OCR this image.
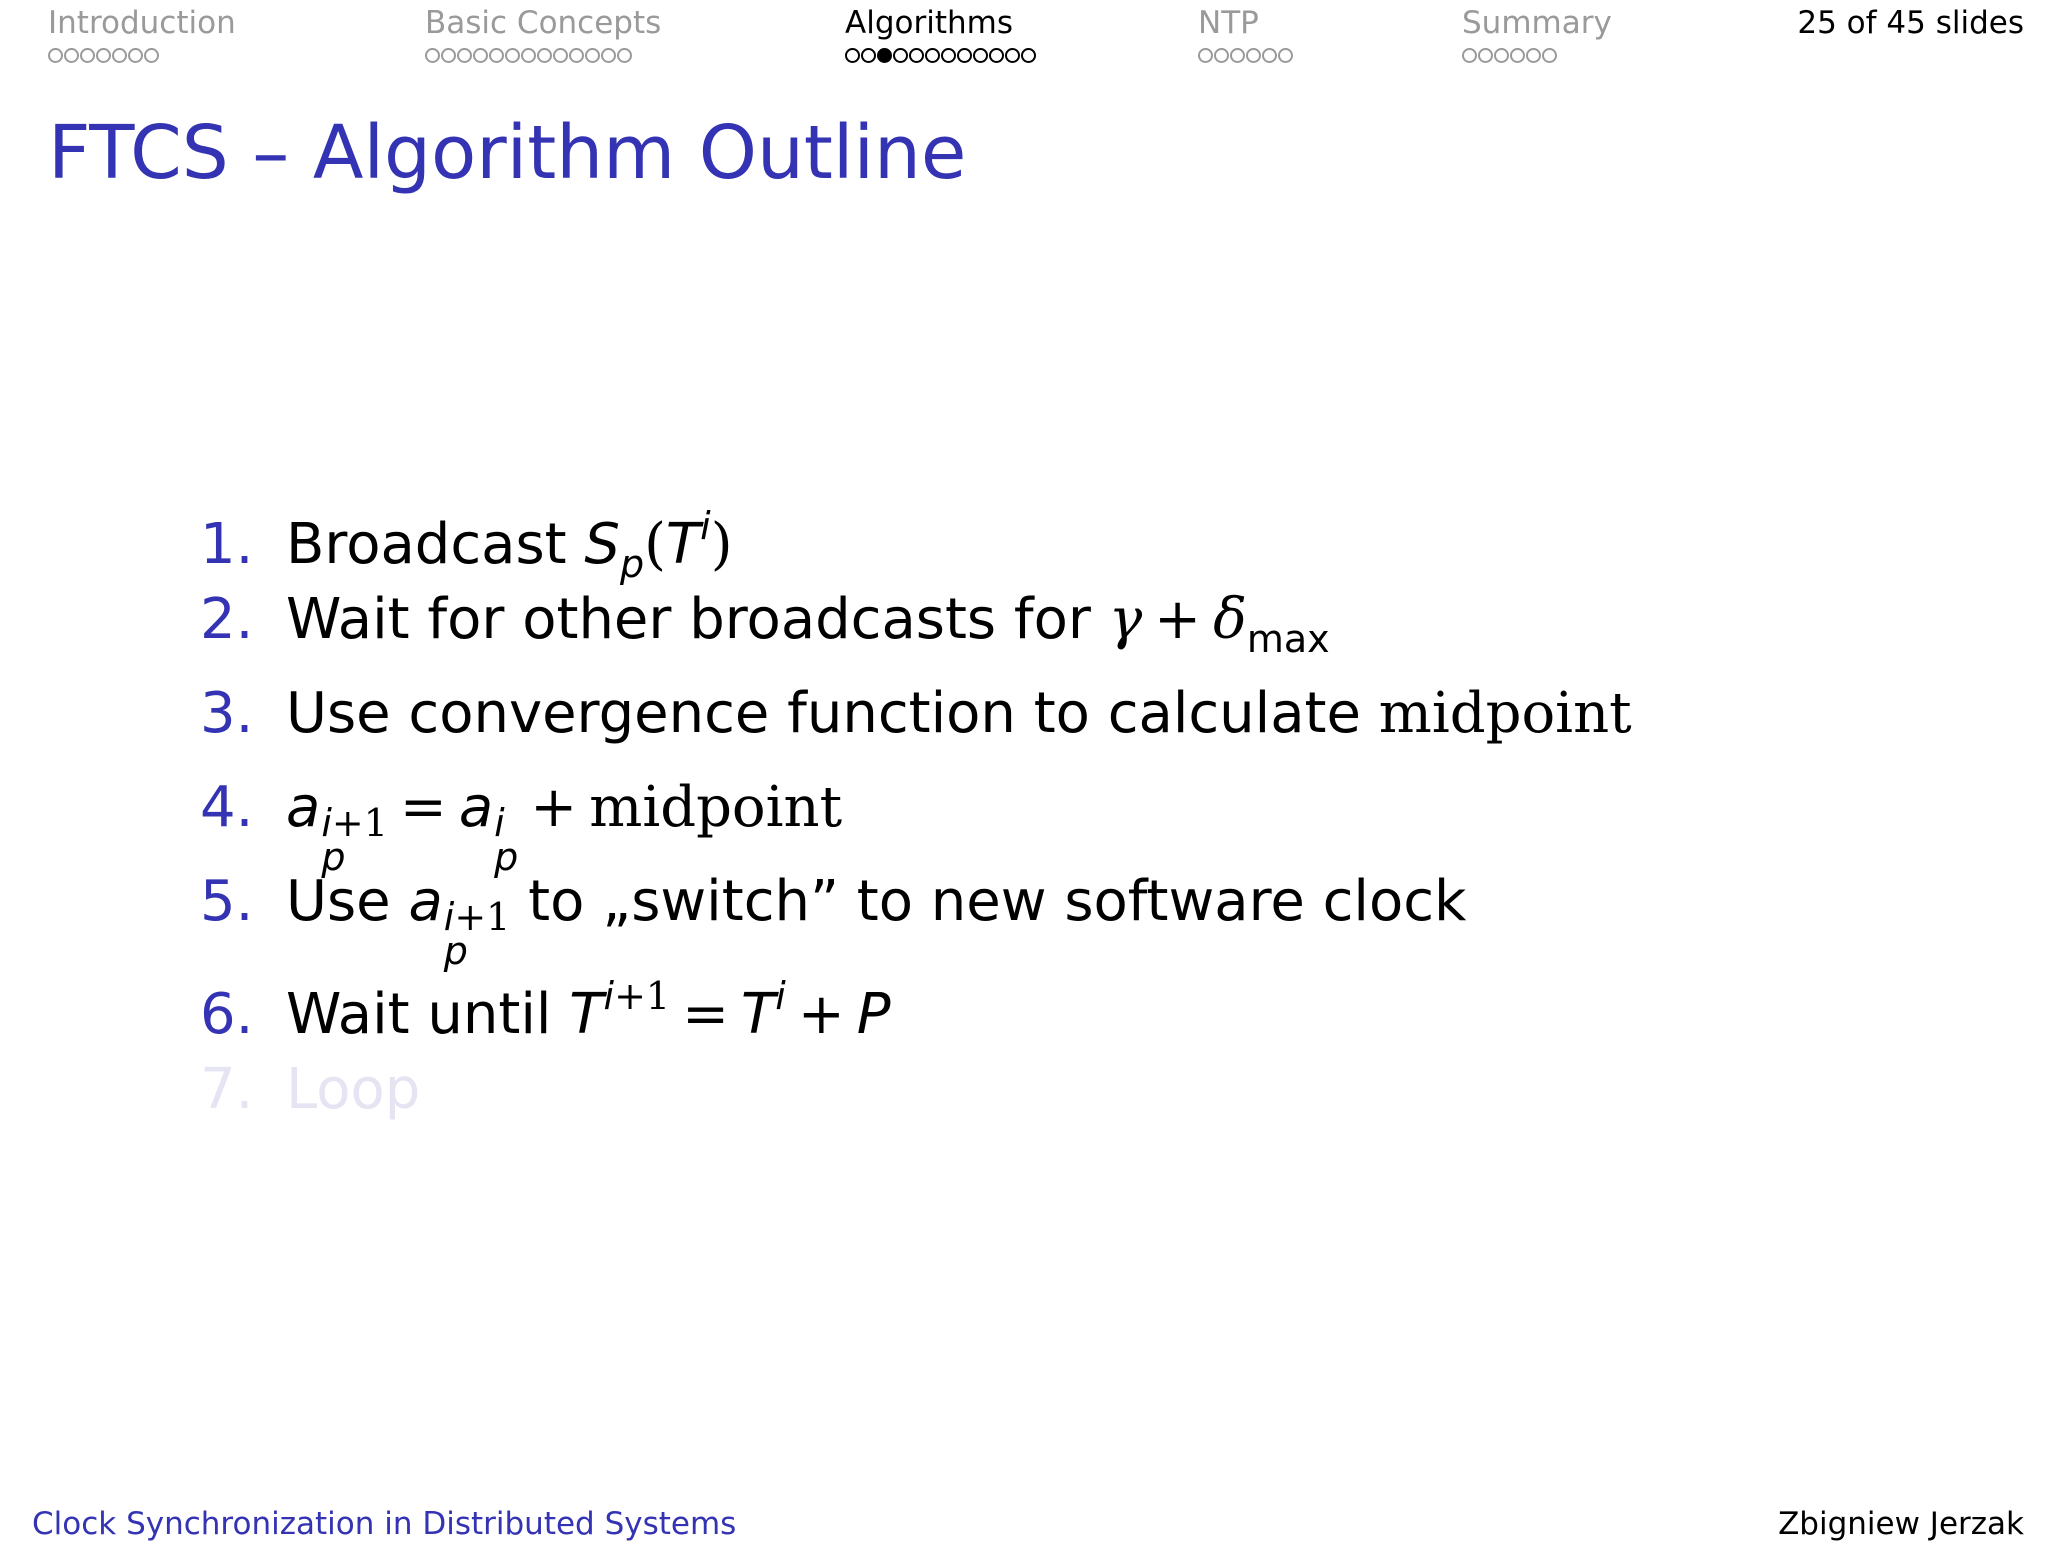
Introduction	Basic Concepts	Algorithms	NTP	Summary	25 of 45 slides
FTCS – Algorithm Outline
1. Broadcast
$S_p(T^i)$
2. Wait for other broadcasts for
$\gamma + \delta_{max}$
3. Use convergence function to calculate
midpoint
4. a i+1
p
= a i
p
+ midpoint
5. Use
a i+1
p

to „switch” to new software clock
6. Wait until
$T^{i+1} = T^i + P$
7. Loop
Clock Synchronization in Distributed Systems	Zbigniew Jerzak
